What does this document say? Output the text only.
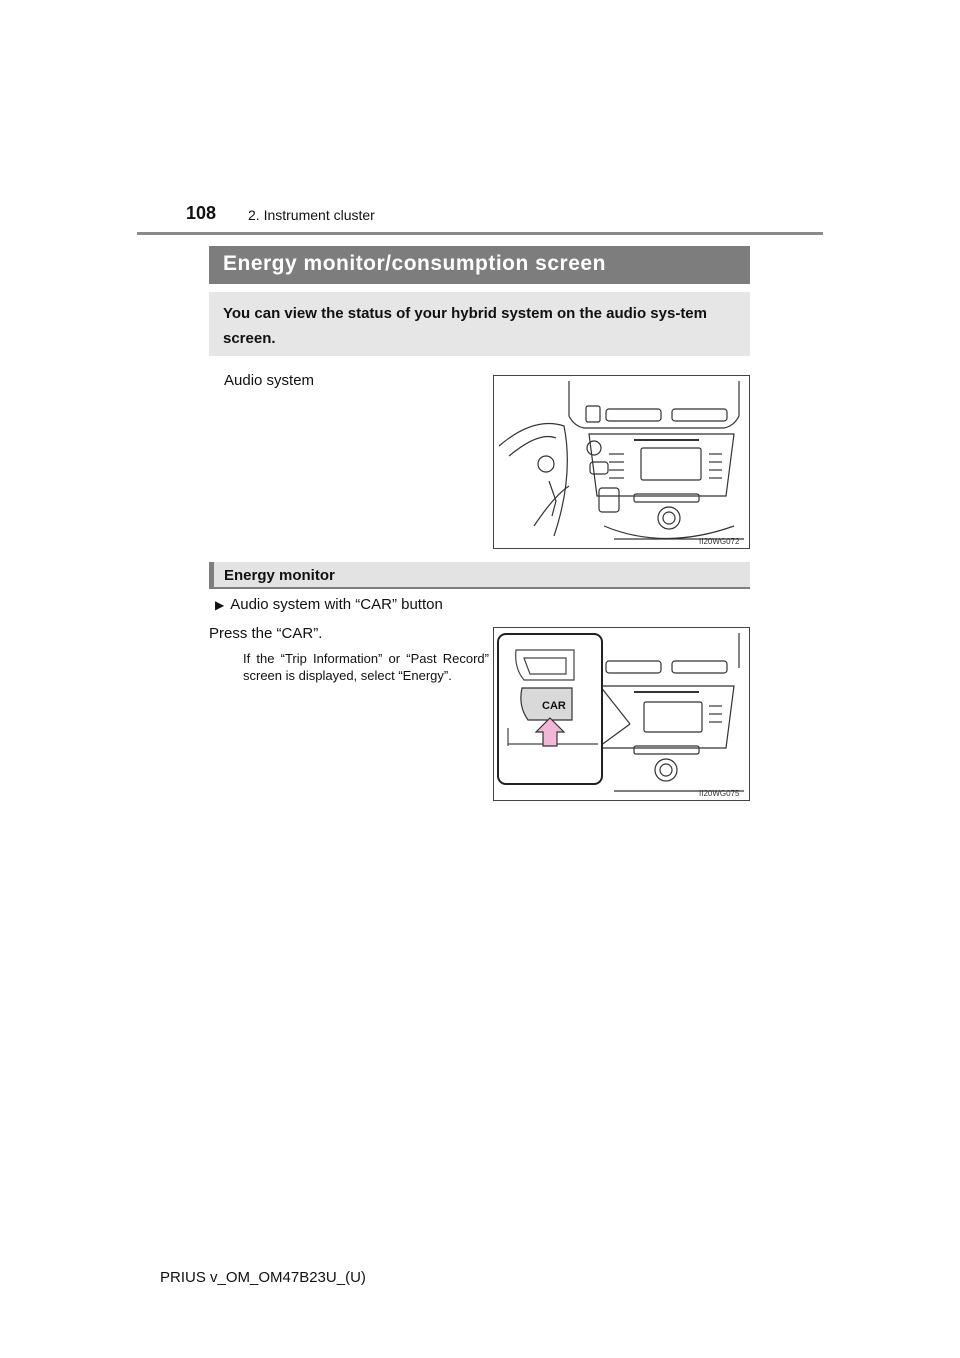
108 2. Instrument cluster
Energy monitor/consumption screen
You can view the status of your hybrid system on the audio sys-tem screen.
Audio system
II20WG072
Energy monitor
▶ Audio system with “CAR” button
Press the “CAR”.
If the “Trip Information” or “Past Record” screen is displayed, select “Energy”.
CAR
II20WG075
PRIUS v_OM_OM47B23U_(U)
